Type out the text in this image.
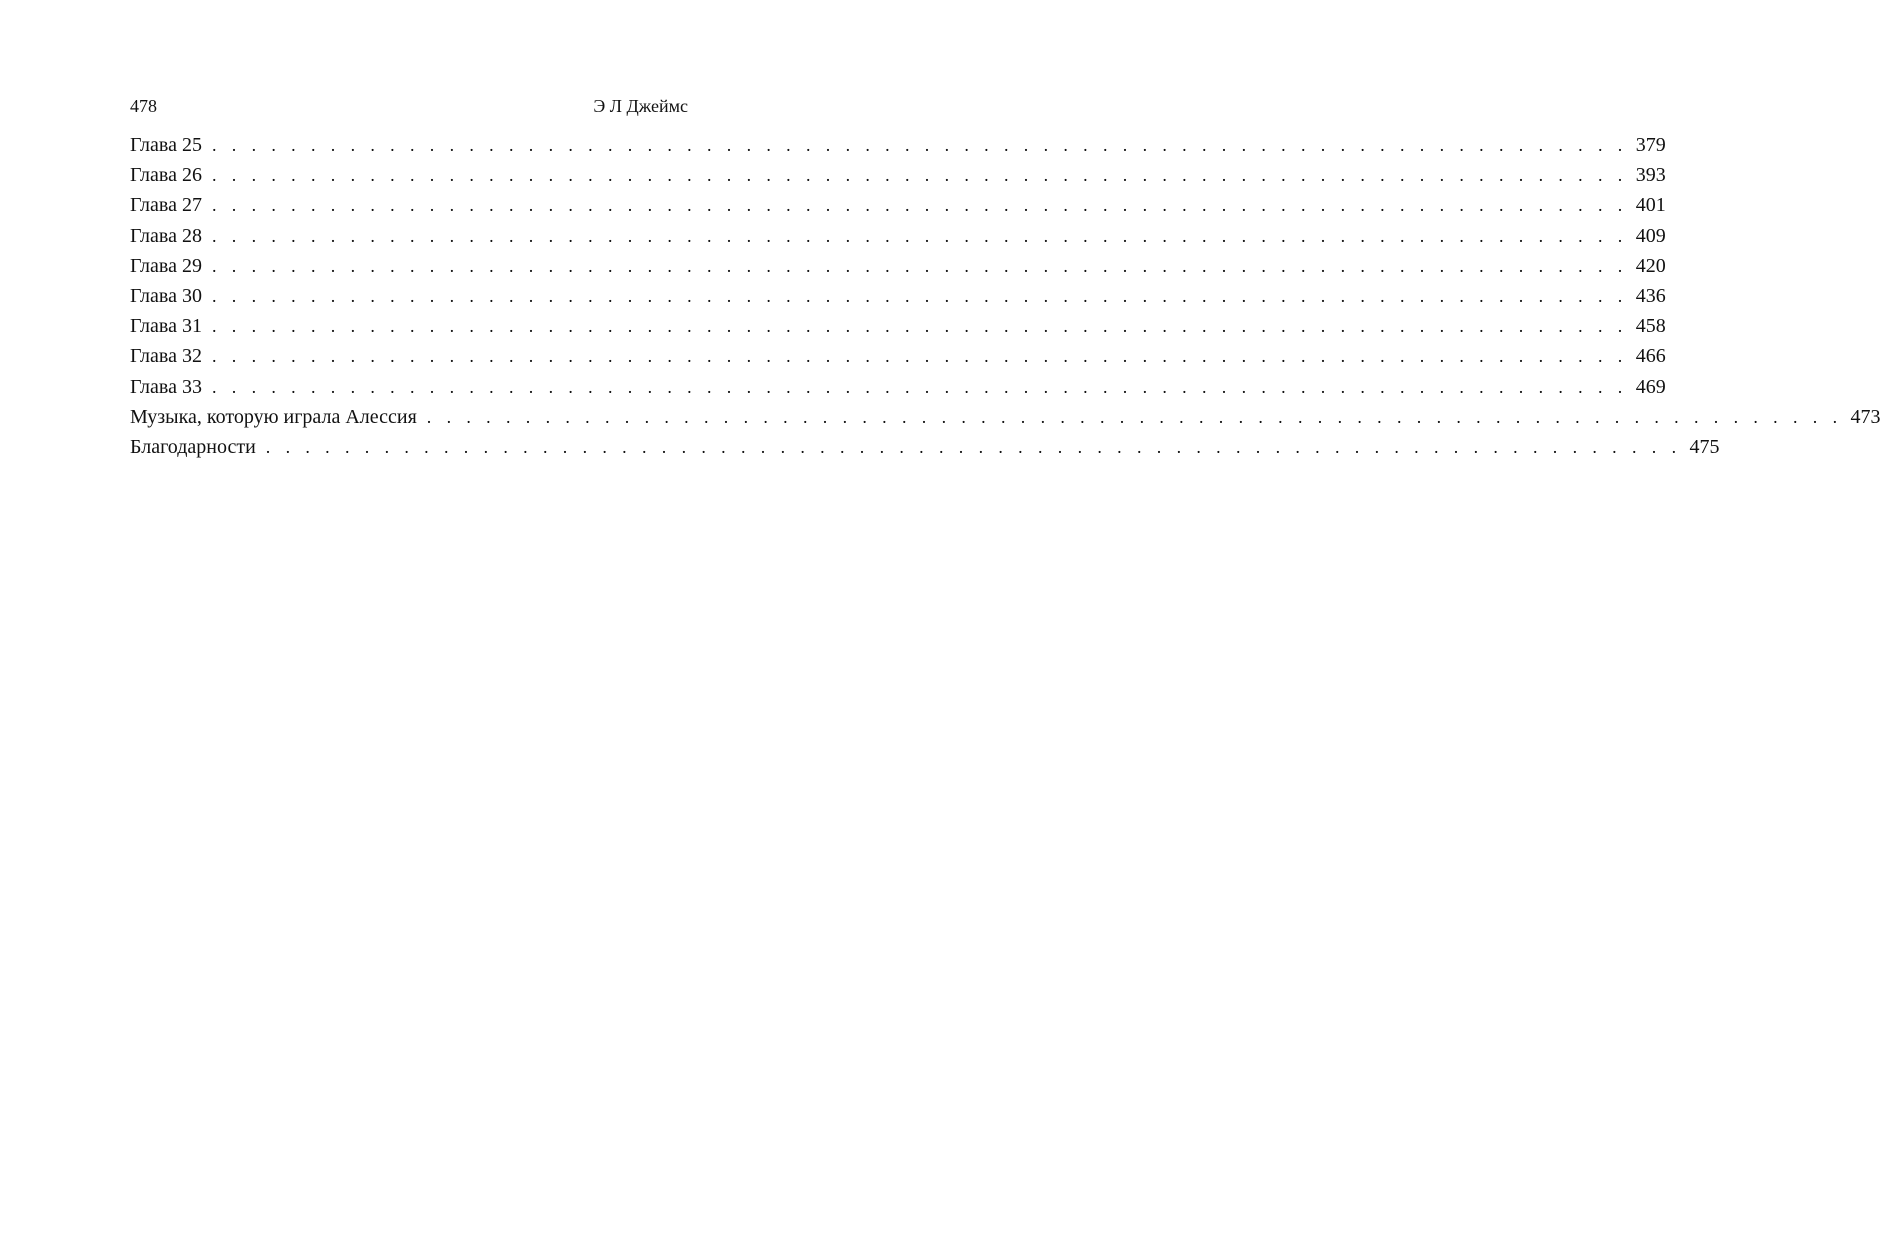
478	Э Л Джеймс
Глава 25 . . . . . . . . . . . . . . . . . . . . . . . . . . . . . . . . . . . . . . . . . . . . . . . . . . . . . . . . . . . . . . . . . . . . . . . . 379
Глава 26 . . . . . . . . . . . . . . . . . . . . . . . . . . . . . . . . . . . . . . . . . . . . . . . . . . . . . . . . . . . . . . . . . . . . . . . . 393
Глава 27 . . . . . . . . . . . . . . . . . . . . . . . . . . . . . . . . . . . . . . . . . . . . . . . . . . . . . . . . . . . . . . . . . . . . . . . . 401
Глава 28 . . . . . . . . . . . . . . . . . . . . . . . . . . . . . . . . . . . . . . . . . . . . . . . . . . . . . . . . . . . . . . . . . . . . . . . . 409
Глава 29 . . . . . . . . . . . . . . . . . . . . . . . . . . . . . . . . . . . . . . . . . . . . . . . . . . . . . . . . . . . . . . . . . . . . . . . . 420
Глава 30 . . . . . . . . . . . . . . . . . . . . . . . . . . . . . . . . . . . . . . . . . . . . . . . . . . . . . . . . . . . . . . . . . . . . . . . . 436
Глава 31 . . . . . . . . . . . . . . . . . . . . . . . . . . . . . . . . . . . . . . . . . . . . . . . . . . . . . . . . . . . . . . . . . . . . . . . . 458
Глава 32 . . . . . . . . . . . . . . . . . . . . . . . . . . . . . . . . . . . . . . . . . . . . . . . . . . . . . . . . . . . . . . . . . . . . . . . . 466
Глава 33 . . . . . . . . . . . . . . . . . . . . . . . . . . . . . . . . . . . . . . . . . . . . . . . . . . . . . . . . . . . . . . . . . . . . . . . . 469
Музыка, которую играла Алессия . . . . . . . . . . . . . . . . . . . . . . . . . . . . . . . . . . . . . . . . . . . . . . . . . . . . . . . . . . . . . . . . . . . . . . . . 473
Благодарности . . . . . . . . . . . . . . . . . . . . . . . . . . . . . . . . . . . . . . . . . . . . . . . . . . . . . . . . . . . . . . . . . . . . . . . . 475
